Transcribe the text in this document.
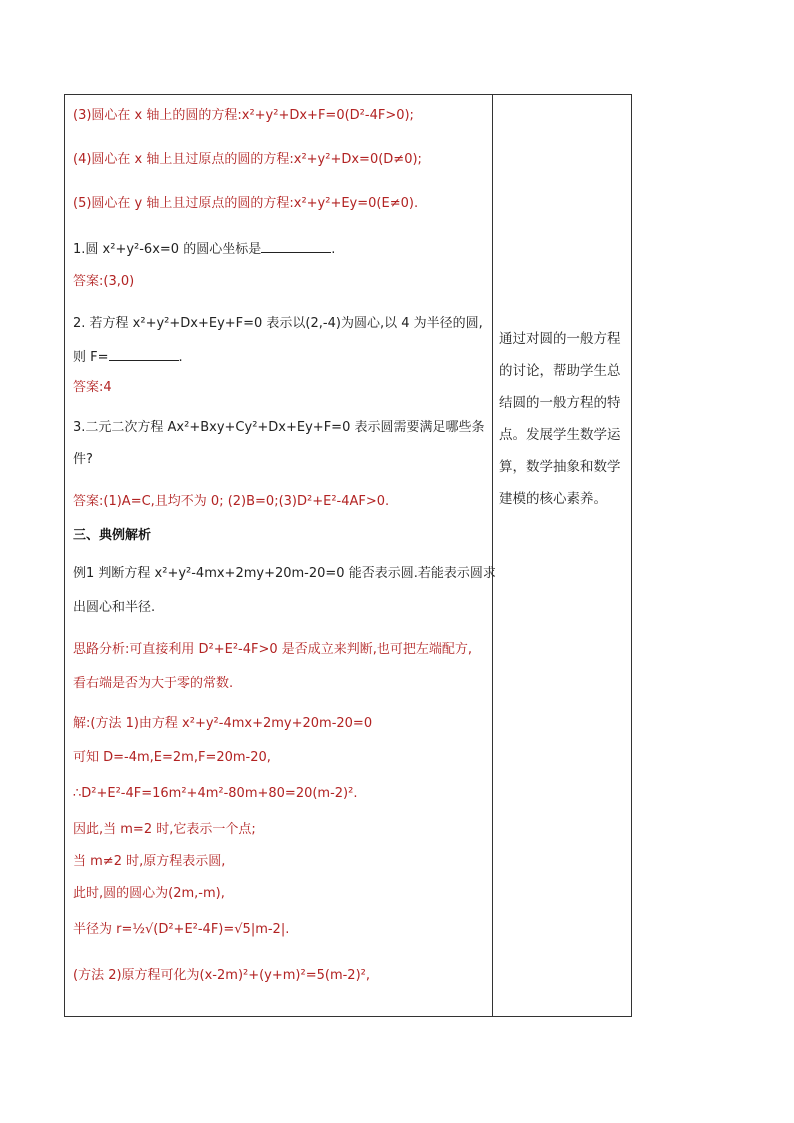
(3)圆心在 x 轴上的圆的方程:x²+y²+Dx+F=0(D²-4F>0);
(4)圆心在 x 轴上且过原点的圆的方程:x²+y²+Dx=0(D≠0);
(5)圆心在 y 轴上且过原点的圆的方程:x²+y²+Ey=0(E≠0).
1.圆 x²+y²-6x=0 的圆心坐标是	.
答案:(3,0)
2. 若方程 x²+y²+Dx+Ey+F=0 表示以(2,-4)为圆心,以 4 为半径的圆,
则 F=	.
答案:4
3.二元二次方程 Ax²+Bxy+Cy²+Dx+Ey+F=0 表示圆需要满足哪些条
件?
答案:(1)A=C,且均不为 0; (2)B=0;(3)D²+E²-4AF>0.
三、典例解析
例1 判断方程 x²+y²-4mx+2my+20m-20=0 能否表示圆.若能表示圆求
出圆心和半径.
思路分析:可直接利用 D²+E²-4F>0 是否成立来判断,也可把左端配方,
看右端是否为大于零的常数.
解:(方法 1)由方程 x²+y²-4mx+2my+20m-20=0
可知 D=-4m,E=2m,F=20m-20,
∴D²+E²-4F=16m²+4m²-80m+80=20(m-2)².
因此,当 m=2 时,它表示一个点;
当 m≠2 时,原方程表示圆,
此时,圆的圆心为(2m,-m),
半径为 r=½√(D²+E²-4F)=√5|m-2|.
(方法 2)原方程可化为(x-2m)²+(y+m)²=5(m-2)²,
通过对圆的一般方程的讨论，帮助学生总结圆的一般方程的特点。发展学生数学运算，数学抽象和数学建模的核心素养。
